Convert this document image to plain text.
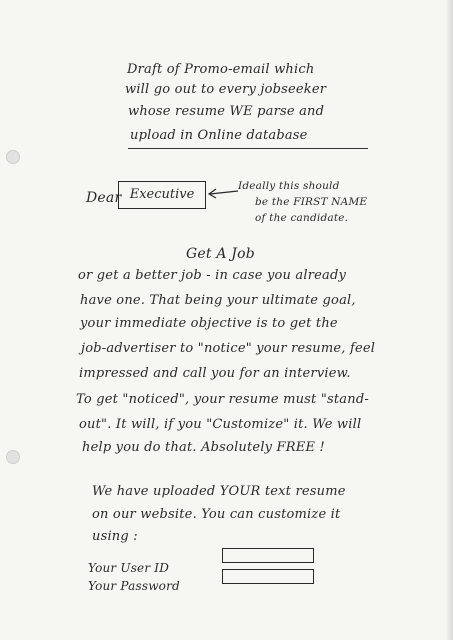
Draft of Promo-email which
will go out to every jobseeker
whose resume WE parse and
upload in Online database
Dear Executive
Ideally this should
be the FIRST NAME
of the candidate.
Get A Job
or get a better job - in case you already
have one. That being your ultimate goal,
your immediate objective is to get the
job-advertiser to "notice" your resume, feel
impressed and call you for an interview.
To get "noticed", your resume must "stand-
out". It will, if you "Customize" it. We will
help you do that. Absolutely FREE !
We have uploaded YOUR text resume
on our website. You can customize it
using :
Your User ID
Your Password
